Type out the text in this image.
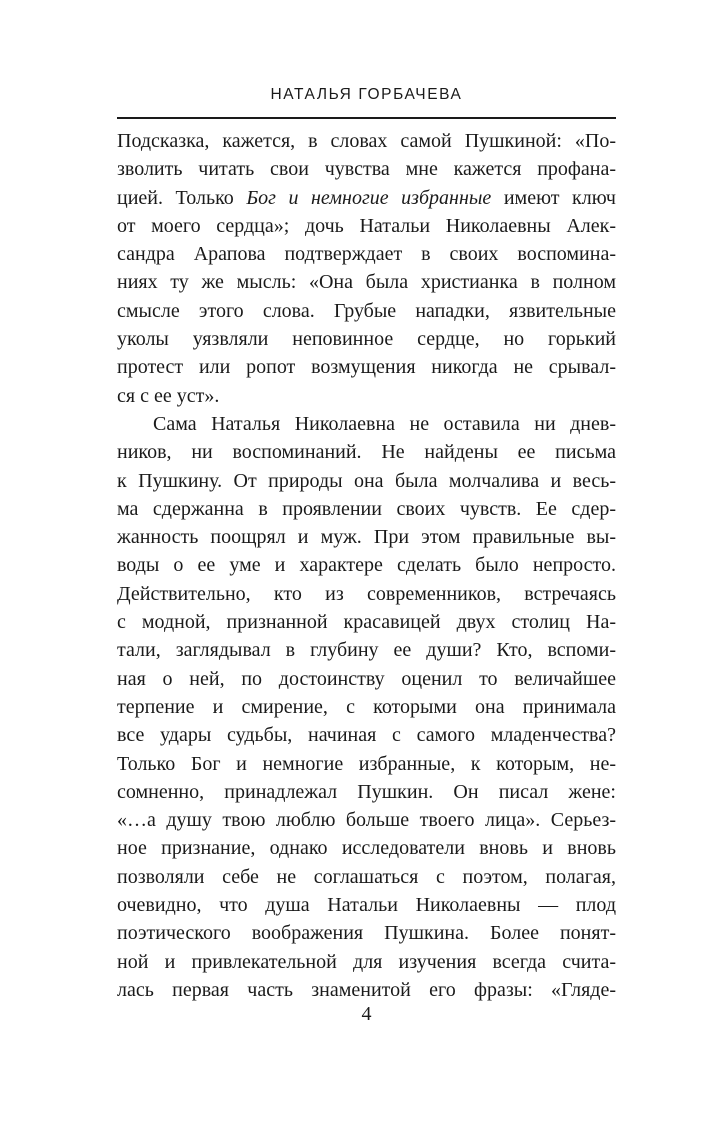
НАТАЛЬЯ ГОРБАЧЕВА
Подсказка, кажется, в словах самой Пушкиной: «По-
зволить читать свои чувства мне кажется профана-
цией. Только Бог и немногие избранные имеют ключ
от моего сердца»; дочь Натальи Николаевны Алек-
сандра Арапова подтверждает в своих воспомина-
ниях ту же мысль: «Она была христианка в полном
смысле этого слова. Грубые нападки, язвительные
уколы уязвляли неповинное сердце, но горький
протест или ропот возмущения никогда не срывал-
ся с ее уст».
Сама Наталья Николаевна не оставила ни днев-
ников, ни воспоминаний. Не найдены ее письма
к Пушкину. От природы она была молчалива и весь-
ма сдержанна в проявлении своих чувств. Ее сдер-
жанность поощрял и муж. При этом правильные вы-
воды о ее уме и характере сделать было непросто.
Действительно, кто из современников, встречаясь
с модной, признанной красавицей двух столиц На-
тали, заглядывал в глубину ее души? Кто, вспоми-
ная о ней, по достоинству оценил то величайшее
терпение и смирение, с которыми она принимала
все удары судьбы, начиная с самого младенчества?
Только Бог и немногие избранные, к которым, не-
сомненно, принадлежал Пушкин. Он писал жене:
«…а душу твою люблю больше твоего лица». Серьез-
ное признание, однако исследователи вновь и вновь
позволяли себе не соглашаться с поэтом, полагая,
очевидно, что душа Натальи Николаевны — плод
поэтического воображения Пушкина. Более понят-
ной и привлекательной для изучения всегда счита-
лась первая часть знаменитой его фразы: «Гляде-
4
